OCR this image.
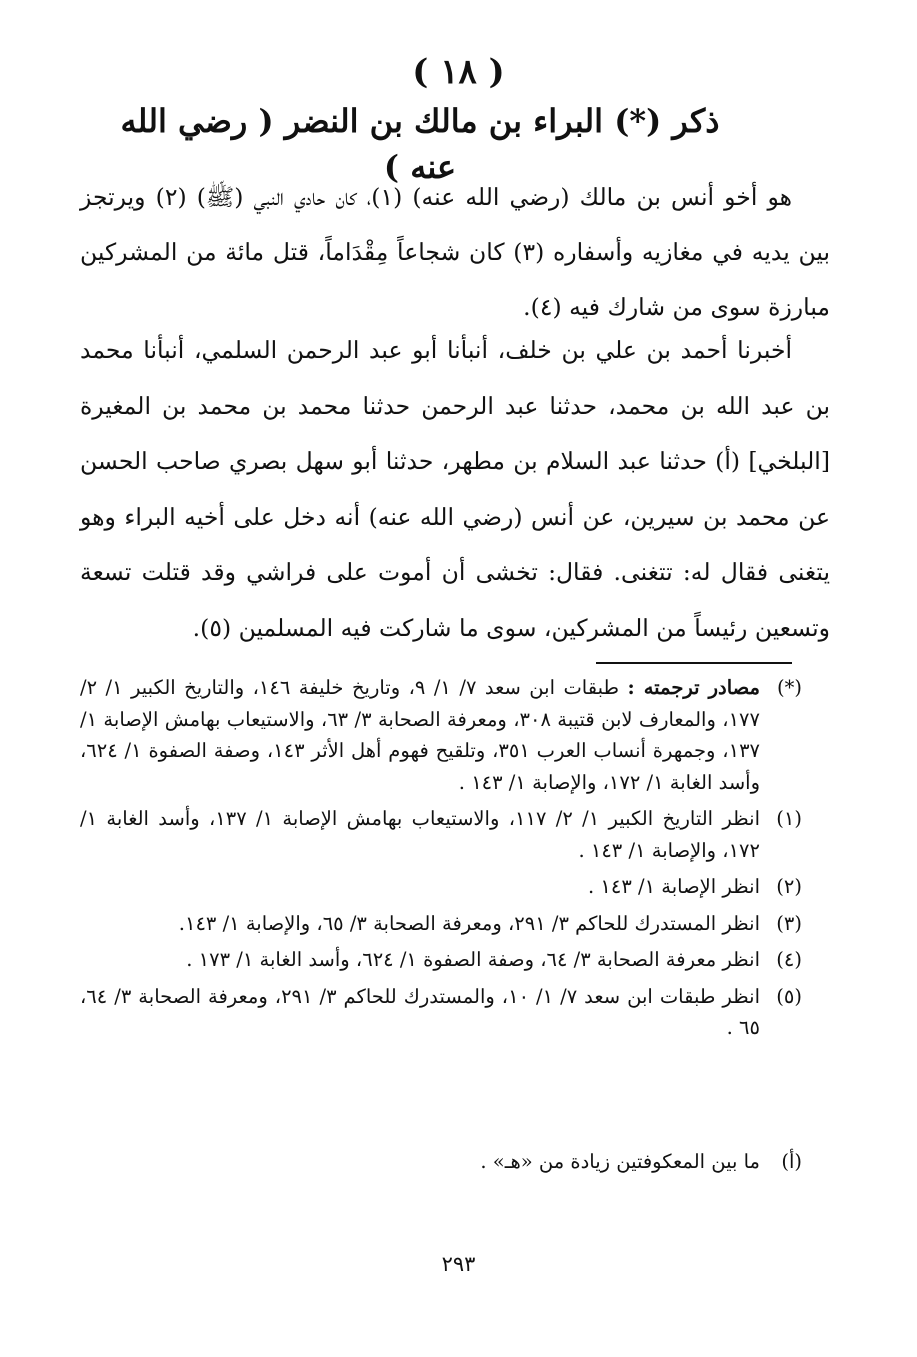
( ١٨ )
ذكر (*) البراء بن مالك بن النضر ( رضي الله عنه )

هو أخو أنس بن مالك (رضي الله عنه) (١)، كان حادي النبي (ﷺ) (٢) ويرتجز بين يديه في مغازيه وأسفاره (٣) كان شجاعاً مِقْدَاماً، قتل مائة من المشركين مبارزة سوى من شارك فيه (٤).

أخبرنا أحمد بن علي بن خلف، أنبأنا أبو عبد الرحمن السلمي، أنبأنا محمد بن عبد الله بن محمد، حدثنا عبد الرحمن حدثنا محمد بن محمد بن المغيرة [البلخي] (أ) حدثنا عبد السلام بن مطهر، حدثنا أبو سهل بصري صاحب الحسن عن محمد بن سيرين، عن أنس (رضي الله عنه) أنه دخل على أخيه البراء وهو يتغنى فقال له: تتغنى. فقال: تخشى أن أموت على فراشي وقد قتلت تسعة وتسعين رئيساً من المشركين، سوى ما شاركت فيه المسلمين (٥).

(*)
مصادر ترجمته : طبقات ابن سعد ٧/ ١/ ٩، وتاريخ خليفة ١٤٦، والتاريخ الكبير ١/ ٢/ ١٧٧، والمعارف لابن قتيبة ٣٠٨، ومعرفة الصحابة ٣/ ٦٣، والاستيعاب بهامش الإصابة ١/ ١٣٧، وجمهرة أنساب العرب ٣٥١، وتلقيح فهوم أهل الأثر ١٤٣، وصفة الصفوة ١/ ٦٢٤، وأسد الغابة ١/ ١٧٢، والإصابة ١/ ١٤٣ .
(١)
انظر التاريخ الكبير ١/ ٢/ ١١٧، والاستيعاب بهامش الإصابة ١/ ١٣٧، وأسد الغابة ١/ ١٧٢، والإصابة ١/ ١٤٣ .
(٢)
انظر الإصابة ١/ ١٤٣ .
(٣)
انظر المستدرك للحاكم ٣/ ٢٩١، ومعرفة الصحابة ٣/ ٦٥، والإصابة ١/ ١٤٣.
(٤)
انظر معرفة الصحابة ٣/ ٦٤، وصفة الصفوة ١/ ٦٢٤، وأسد الغابة ١/ ١٧٣ .
(٥)
انظر طبقات ابن سعد ٧/ ١/ ١٠، والمستدرك للحاكم ٣/ ٢٩١، ومعرفة الصحابة ٣/ ٦٤، ٦٥ .
(أ)
ما بين المعكوفتين زيادة من «هـ» .
٢٩٣
